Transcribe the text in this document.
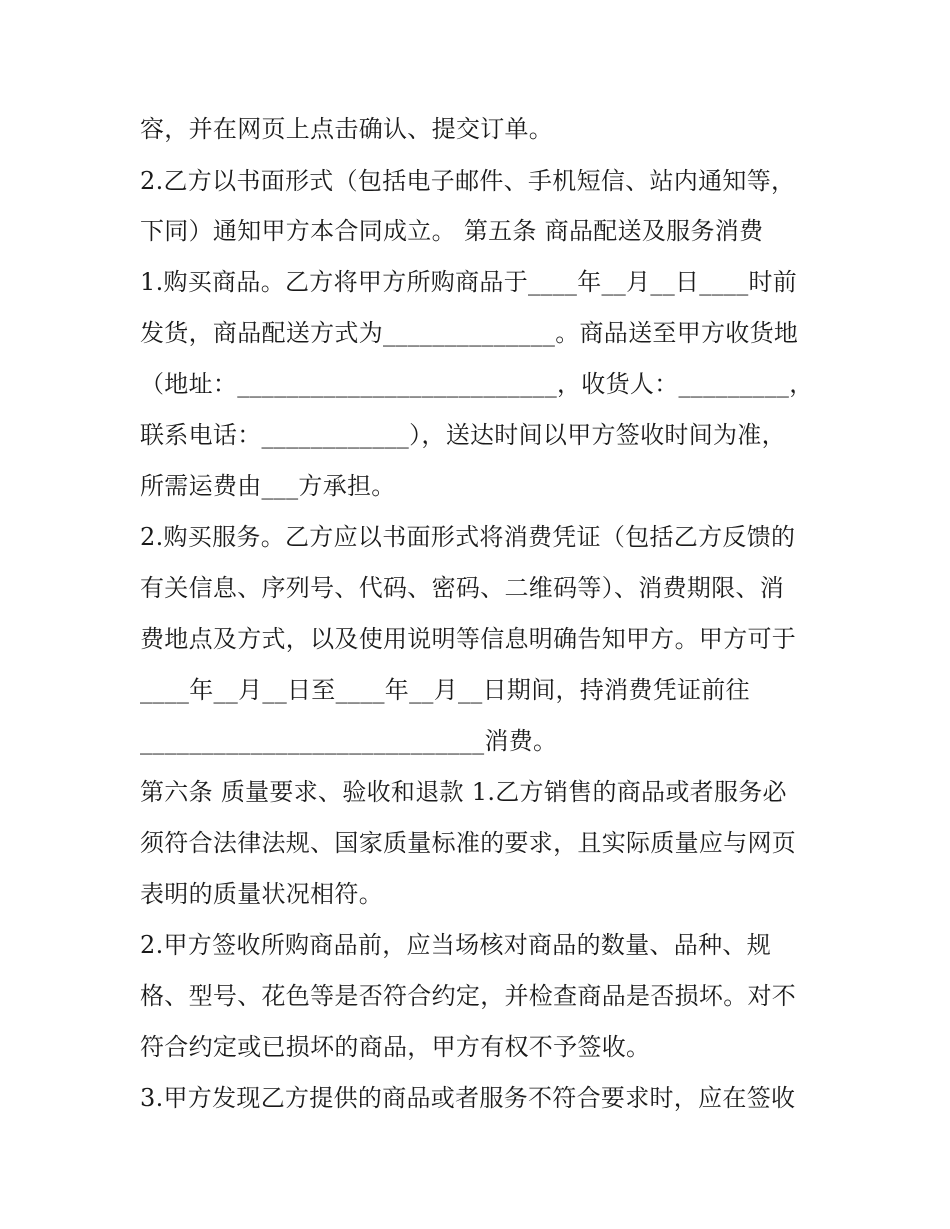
容，并在网页上点击确认、提交订单。
2.乙方以书面形式（包括电子邮件、手机短信、站内通知等，
下同）通知甲方本合同成立。 第五条 商品配送及服务消费
1.购买商品。乙方将甲方所购商品于____年__月__日____时前
发货，商品配送方式为______________。商品送至甲方收货地
（地址：__________________________，收货人：_________，
联系电话：____________），送达时间以甲方签收时间为准，
所需运费由___方承担。
2.购买服务。乙方应以书面形式将消费凭证（包括乙方反馈的
有关信息、序列号、代码、密码、二维码等）、消费期限、消
费地点及方式，以及使用说明等信息明确告知甲方。甲方可于
____年__月__日至____年__月__日期间，持消费凭证前往
____________________________消费。
第六条 质量要求、验收和退款 1.乙方销售的商品或者服务必
须符合法律法规、国家质量标准的要求，且实际质量应与网页
表明的质量状况相符。
2.甲方签收所购商品前，应当场核对商品的数量、品种、规
格、型号、花色等是否符合约定，并检查商品是否损坏。对不
符合约定或已损坏的商品，甲方有权不予签收。
3.甲方发现乙方提供的商品或者服务不符合要求时，应在签收
